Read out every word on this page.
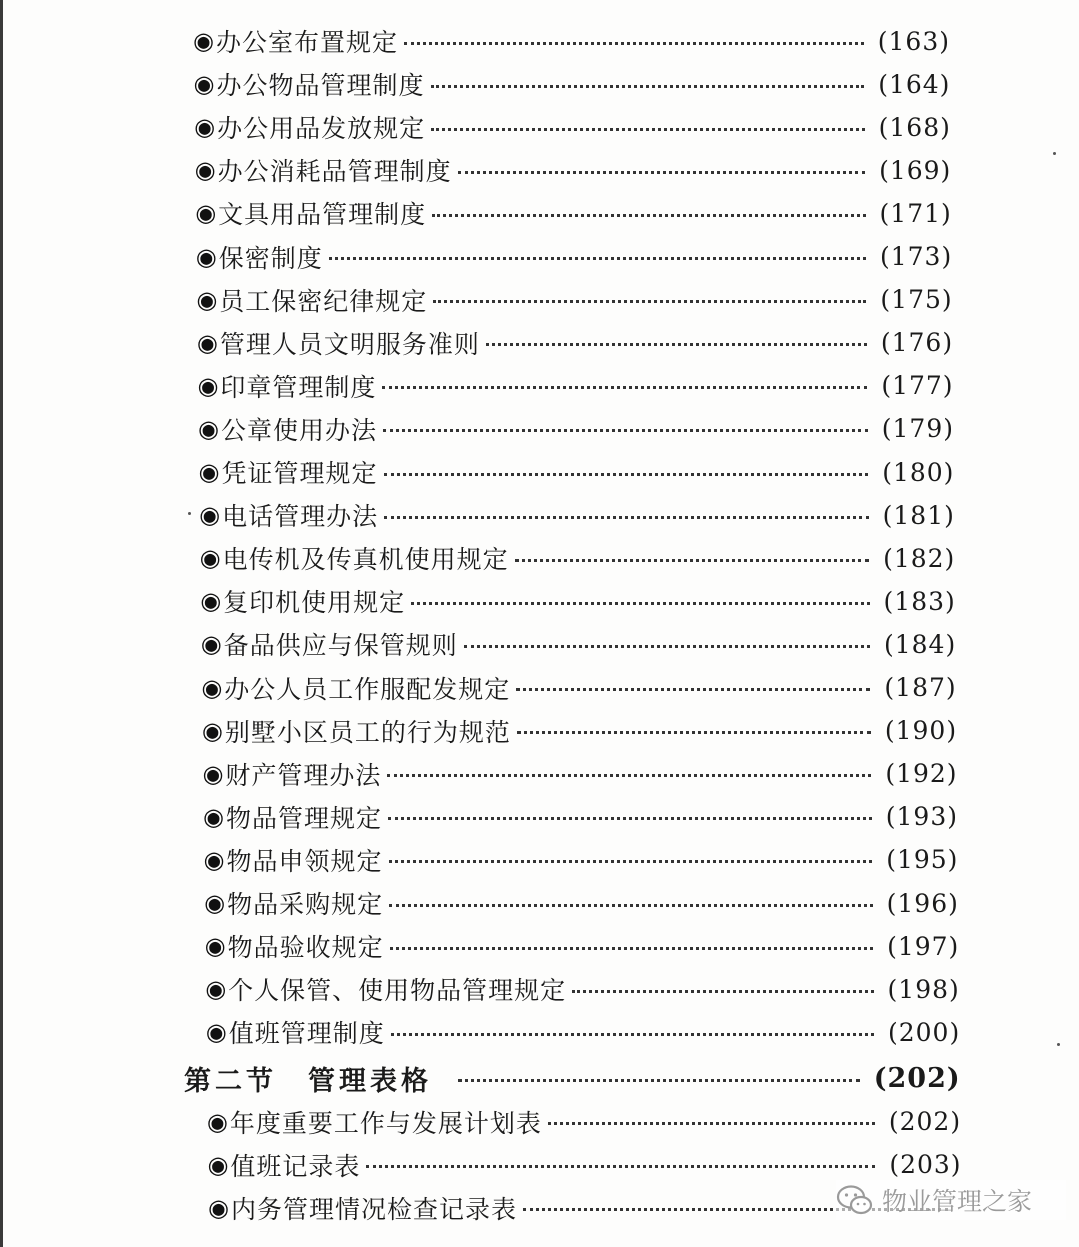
◉ 办公室布置规定	(163)
◉ 办公物品管理制度	(164)
◉ 办公用品发放规定	(168)
◉ 办公消耗品管理制度	(169)
◉ 文具用品管理制度	(171)
◉ 保密制度	(173)
◉ 员工保密纪律规定	(175)
◉ 管理人员文明服务准则	(176)
◉ 印章管理制度	(177)
◉ 公章使用办法	(179)
◉ 凭证管理规定	(180)
◉ 电话管理办法	(181)
◉ 电传机及传真机使用规定	(182)
◉ 复印机使用规定	(183)
◉ 备品供应与保管规则	(184)
◉ 办公人员工作服配发规定	(187)
◉ 别墅小区员工的行为规范	(190)
◉ 财产管理办法	(192)
◉ 物品管理规定	(193)
◉ 物品申领规定	(195)
◉ 物品采购规定	(196)
◉ 物品验收规定	(197)
◉ 个人保管、使用物品管理规定	(198)
◉ 值班管理制度	(200)
第二节　管理表格	(202)
◉ 年度重要工作与发展计划表	(202)
◉ 值班记录表	(203)
◉ 内务管理情况检查记录表	物业管理之家
